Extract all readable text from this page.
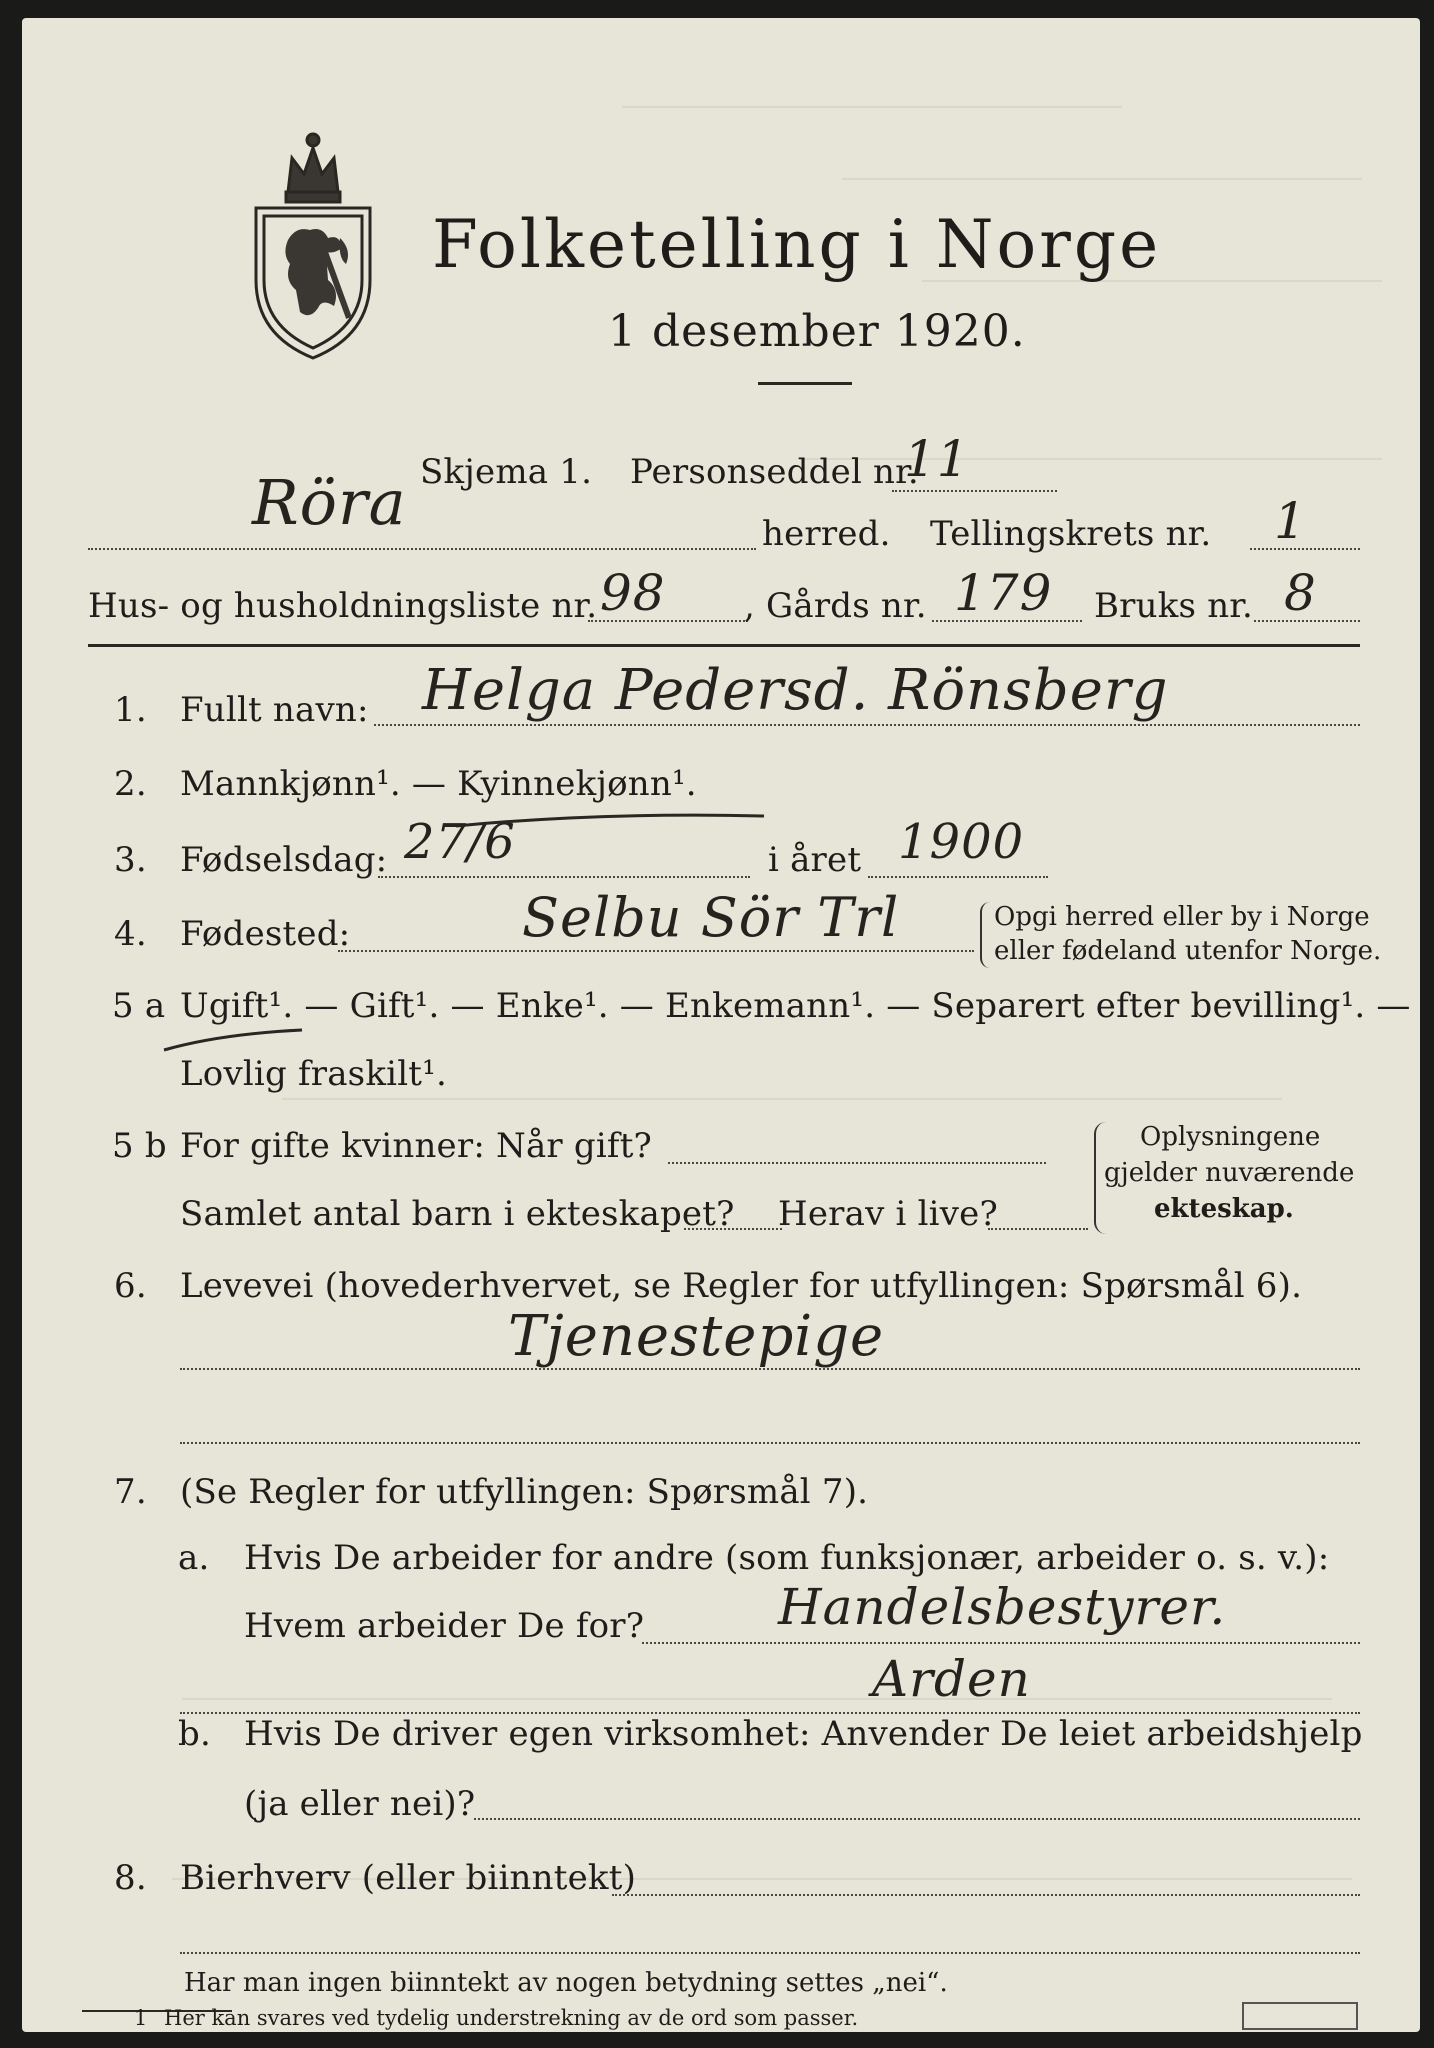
Folketelling i Norge
1 desember 1920.
Röra Skjema 1. Personseddel nr.
11
herred. Tellingskrets nr. 1
Hus- og husholdningsliste nr. 98 , Gårds nr. 179 Bruks nr. 8
1. Fullt navn: Helga Pedersd. Rönsberg
2. Mannkjønn¹. — Kyinnekjønn¹.
3. Fødselsdag: 27/6	i året 1900
4. Fødested:	Selbu Sör Trl	Opgi herred eller by i Norge
eller fødeland utenfor Norge.
5 a Ugift¹. — Gift¹. — Enke¹. — Enkemann¹. — Separert efter bevilling¹. —
Lovlig fraskilt¹.
5 b For gifte kvinner: Når gift?
Samlet antal barn i ekteskapet? Herav i live?
Oplysningene
gjelder nuværende
ekteskap.
6. Levevei (hovederhvervet, se Regler for utfyllingen: Spørsmål 6).
Tjenestepige
7. (Se Regler for utfyllingen: Spørsmål 7).
a. Hvis De arbeider for andre (som funksjonær, arbeider o. s. v.):
Hvem arbeider De for?	Handelsbestyrer.
Arden
b. Hvis De driver egen virksomhet: Anvender De leiet arbeidshjelp
(ja eller nei)?
8. Bierhverv (eller biinntekt)
Har man ingen biinntekt av nogen betydning settes „nei“.
1 Her kan svares ved tydelig understrekning av de ord som passer.
